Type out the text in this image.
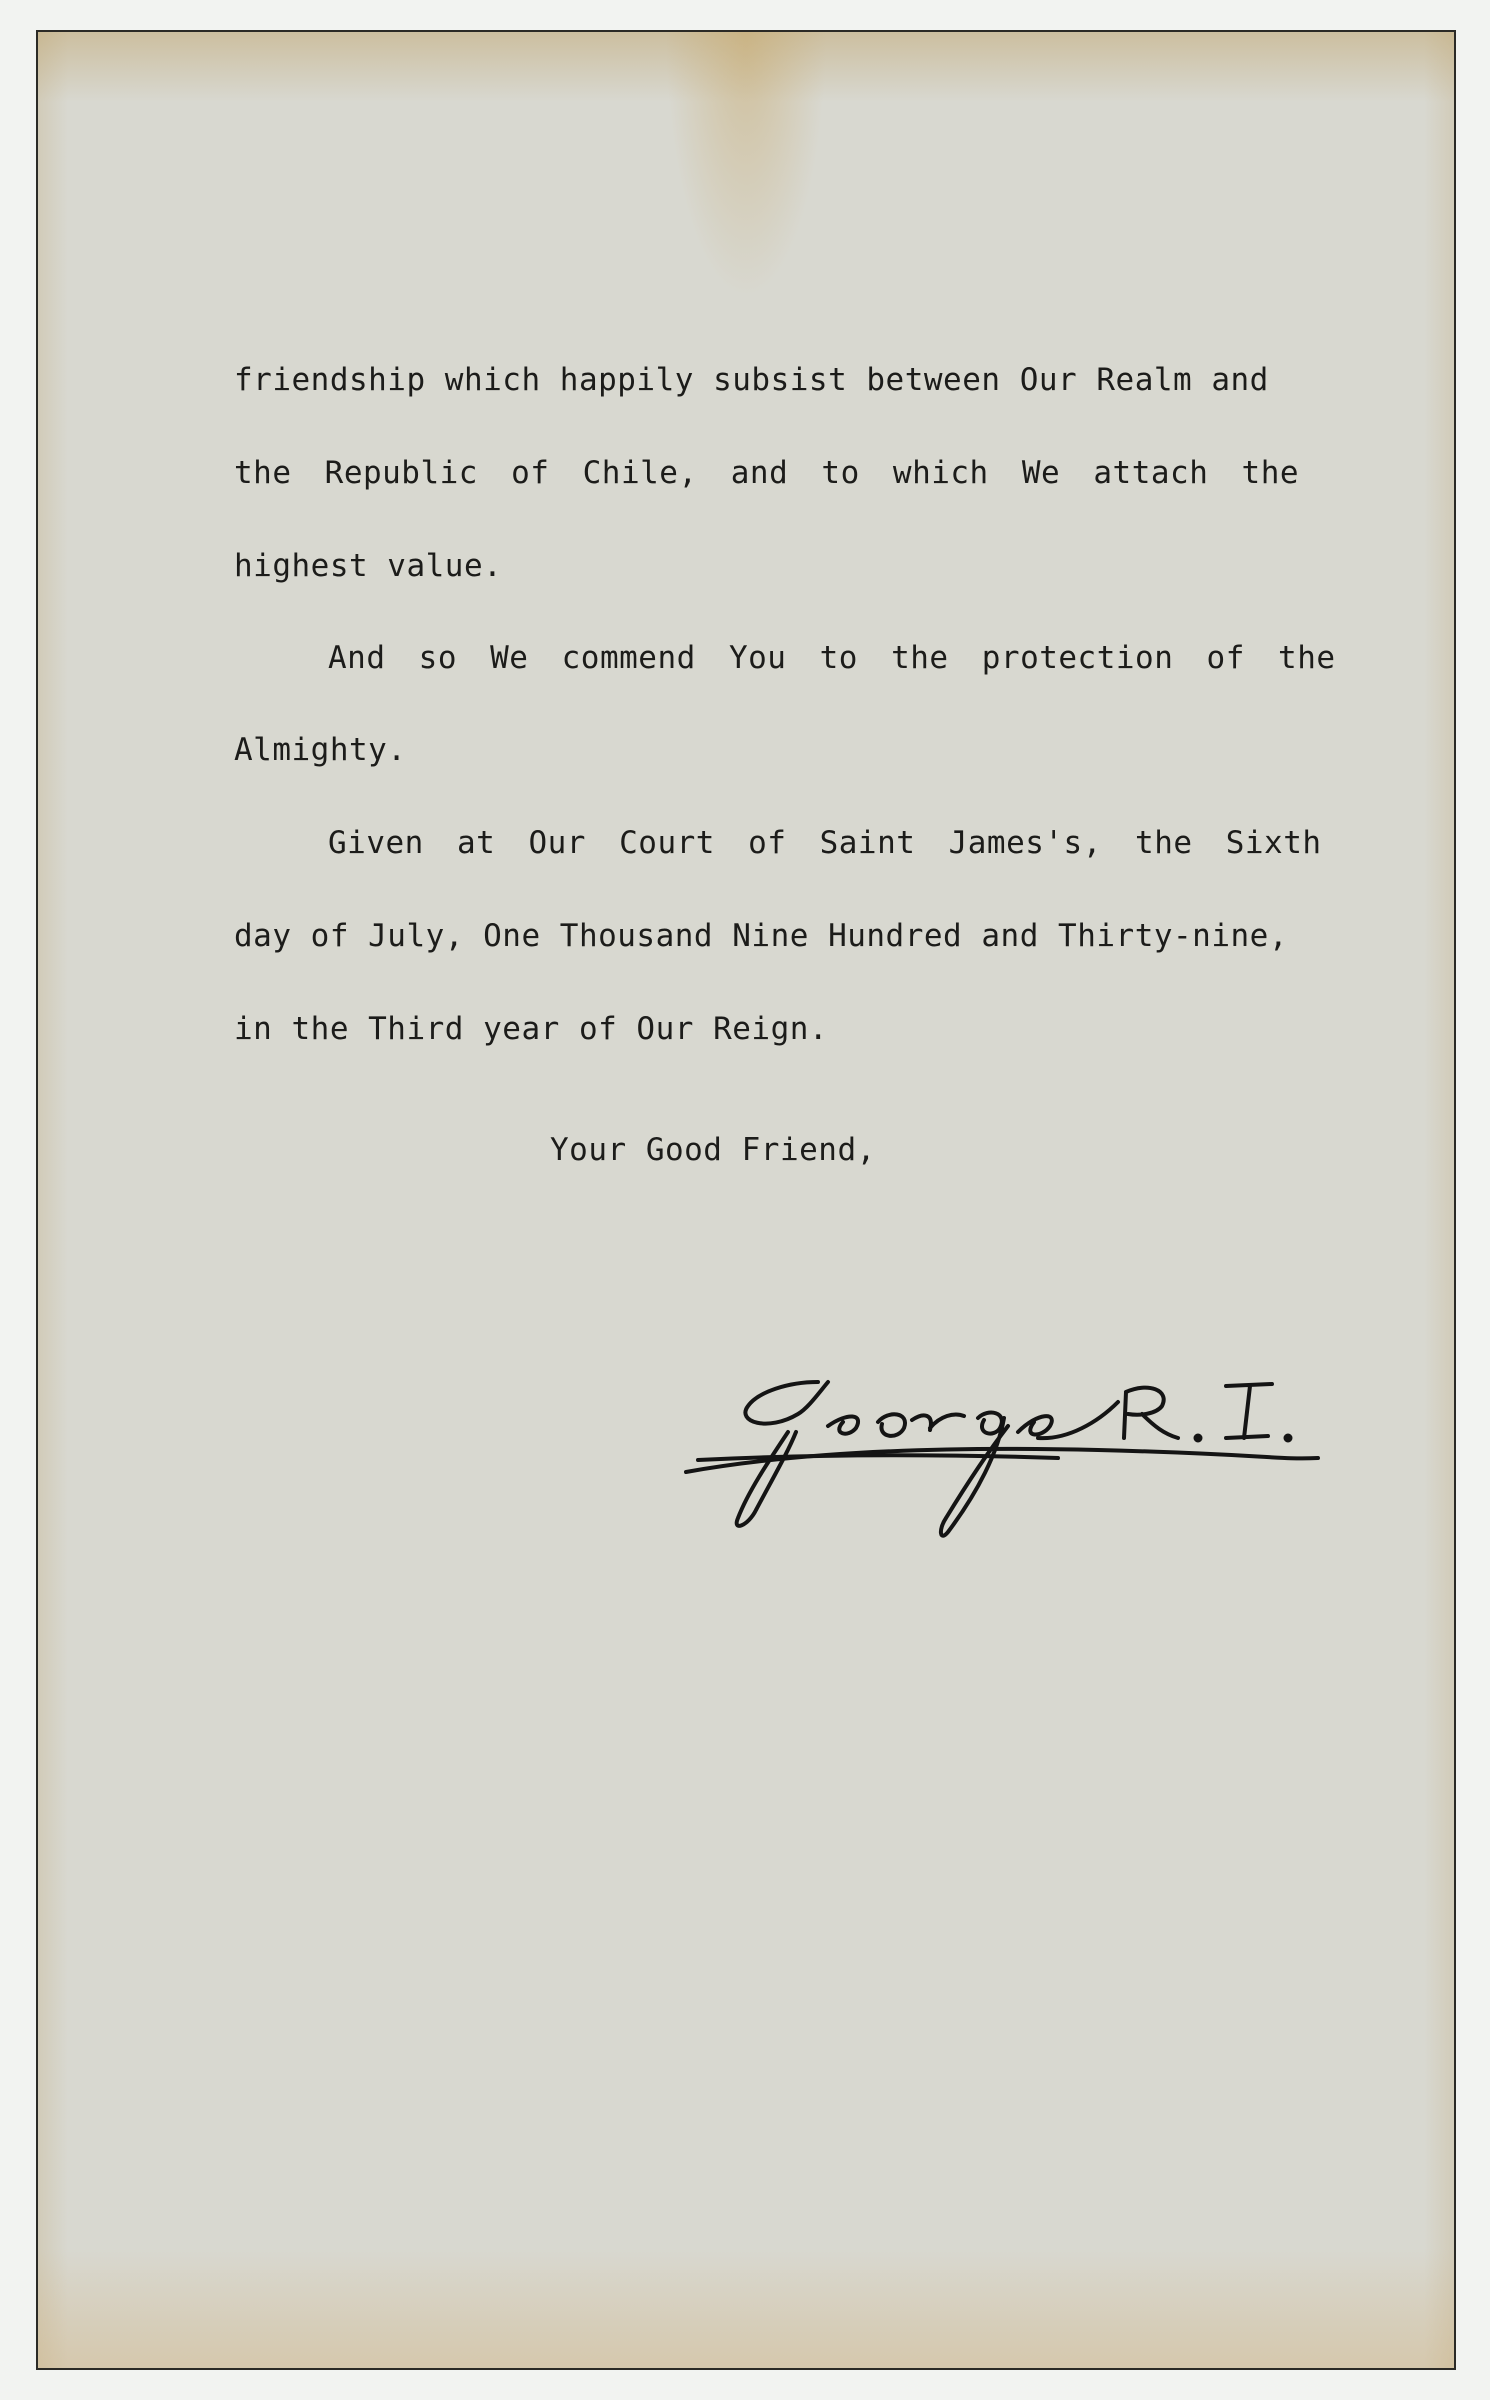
friendship which happily subsist between Our Realm and
the Republic of Chile, and to which We attach the
highest value.
And so We commend You to the protection of the
Almighty.
Given at Our Court of Saint James's, the Sixth
day of July, One Thousand Nine Hundred and Thirty-nine,
in the Third year of Our Reign.
Your Good Friend,
